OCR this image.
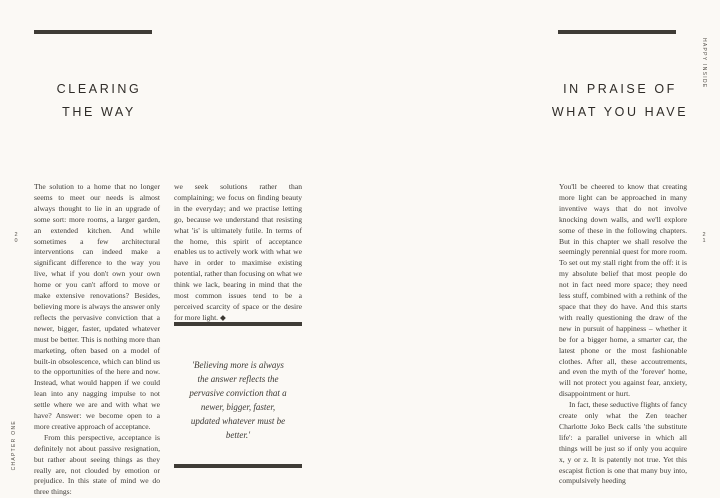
CLEARING
THE WAY
2
0
CHAPTER ONE

The solution to a home that no longer seems to meet our needs is almost always thought to lie in an upgrade of some sort: more rooms, a larger garden, an extended kitchen. And while sometimes a few architectural interventions can indeed make a significant difference to the way you live, what if you don't own your own home or you can't afford to move or make extensive renovations? Besides, believing more is always the answer only reflects the pervasive conviction that a newer, bigger, faster, updated whatever must be better. This is nothing more than marketing, often based on a model of built-in obsolescence, which can blind us to the opportunities of the here and now. Instead, what would happen if we could lean into any nagging impulse to not settle where we are and with what we have? Answer: we become open to a more creative approach of acceptance.

From this perspective, acceptance is definitely not about passive resignation, but rather about seeing things as they really are, not clouded by emotion or prejudice. In this state of mind we do three things:

we seek solutions rather than complaining; we focus on finding beauty in the everyday; and we practise letting go, because we understand that resisting what 'is' is ultimately futile. In terms of the home, this spirit of acceptance enables us to actively work with what we have in order to maximise existing potential, rather than focusing on what we think we lack, bearing in mind that the most common issues tend to be a perceived scarcity of space or the desire for more light. ◆

'Believing more is always the answer reflects the pervasive conviction that a newer, bigger, faster, updated whatever must be better.'
HAPPY INSIDE
IN PRAISE OF
WHAT YOU HAVE
2
1

You'll be cheered to know that creating more light can be approached in many inventive ways that do not involve knocking down walls, and we'll explore some of these in the following chapters. But in this chapter we shall resolve the seemingly perennial quest for more room. To set out my stall right from the off: it is my absolute belief that most people do not in fact need more space; they need less stuff, combined with a rethink of the space that they do have. And this starts with really questioning the draw of the new in pursuit of happiness – whether it be for a bigger home, a smarter car, the latest phone or the most fashionable clothes. After all, these accoutrements, and even the myth of the 'forever' home, will not protect you against fear, anxiety, disappointment or hurt.

In fact, these seductive flights of fancy create only what the Zen teacher Charlotte Joko Beck calls 'the substitute life': a parallel universe in which all things will be just so if only you acquire x, y or z. It is patently not true. Yet this escapist fiction is one that many buy into, compulsively heeding
